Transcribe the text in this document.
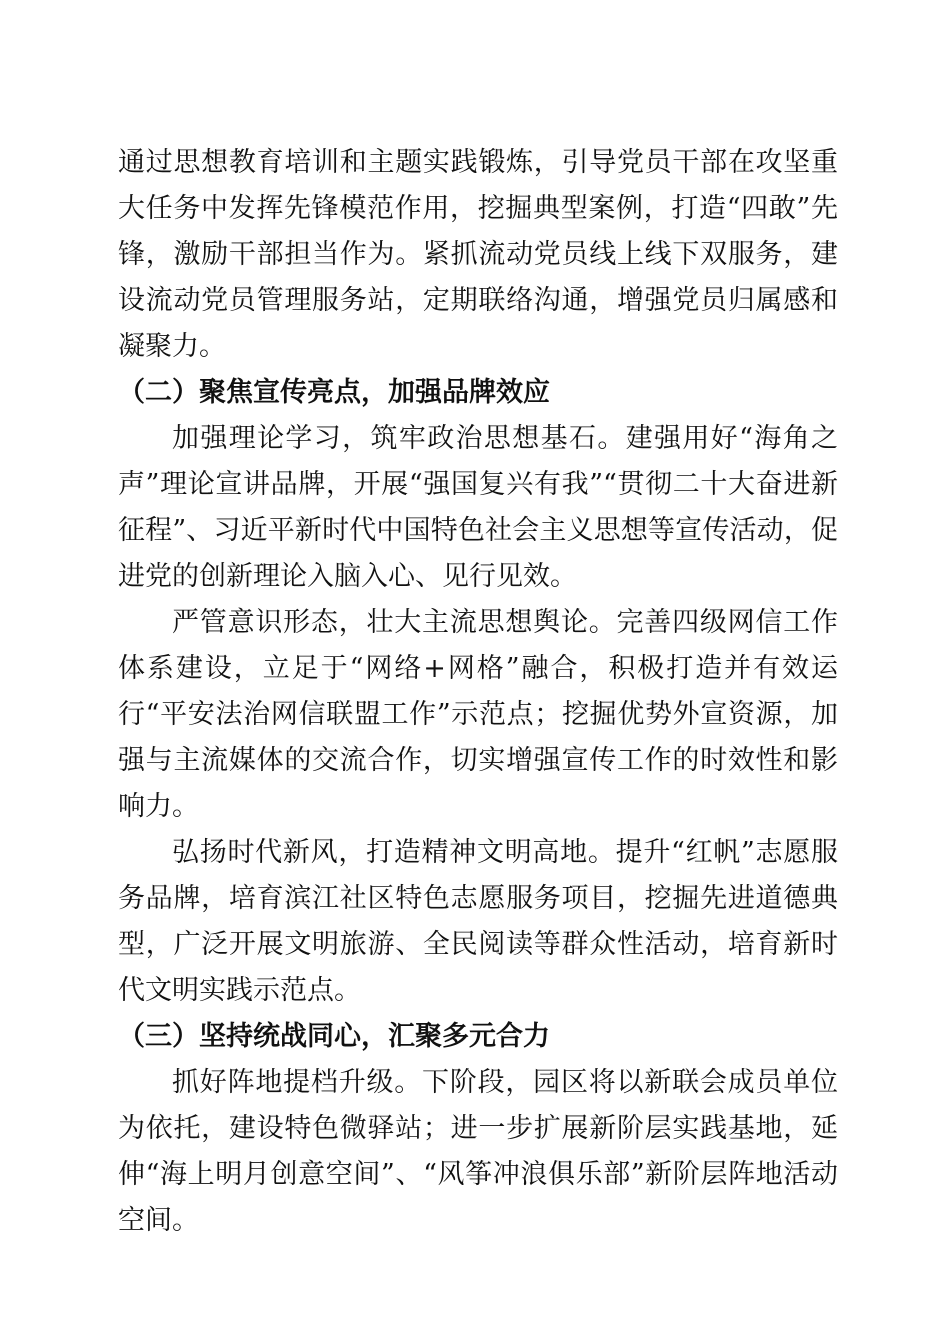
通过思想教育培训和主题实践锻炼，引导党员干部在攻坚重大任务中发挥先锋模范作用，挖掘典型案例，打造“四敢”先锋，激励干部担当作为。紧抓流动党员线上线下双服务，建设流动党员管理服务站，定期联络沟通，增强党员归属感和凝聚力。

（二）聚焦宣传亮点，加强品牌效应

加强理论学习，筑牢政治思想基石。建强用好“海角之声”理论宣讲品牌，开展“强国复兴有我”“贯彻二十大奋进新征程”、习近平新时代中国特色社会主义思想等宣传活动，促进党的创新理论入脑入心、见行见效。

严管意识形态，壮大主流思想舆论。完善四级网信工作体系建设，立足于“网络+网格”融合，积极打造并有效运行“平安法治网信联盟工作”示范点；挖掘优势外宣资源，加强与主流媒体的交流合作，切实增强宣传工作的时效性和影响力。

弘扬时代新风，打造精神文明高地。提升“红帆”志愿服务品牌，培育滨江社区特色志愿服务项目，挖掘先进道德典型，广泛开展文明旅游、全民阅读等群众性活动，培育新时代文明实践示范点。

（三）坚持统战同心，汇聚多元合力

抓好阵地提档升级。下阶段，园区将以新联会成员单位为依托，建设特色微驿站；进一步扩展新阶层实践基地，延伸“海上明月创意空间”、“风筝冲浪俱乐部”新阶层阵地活动空间。
